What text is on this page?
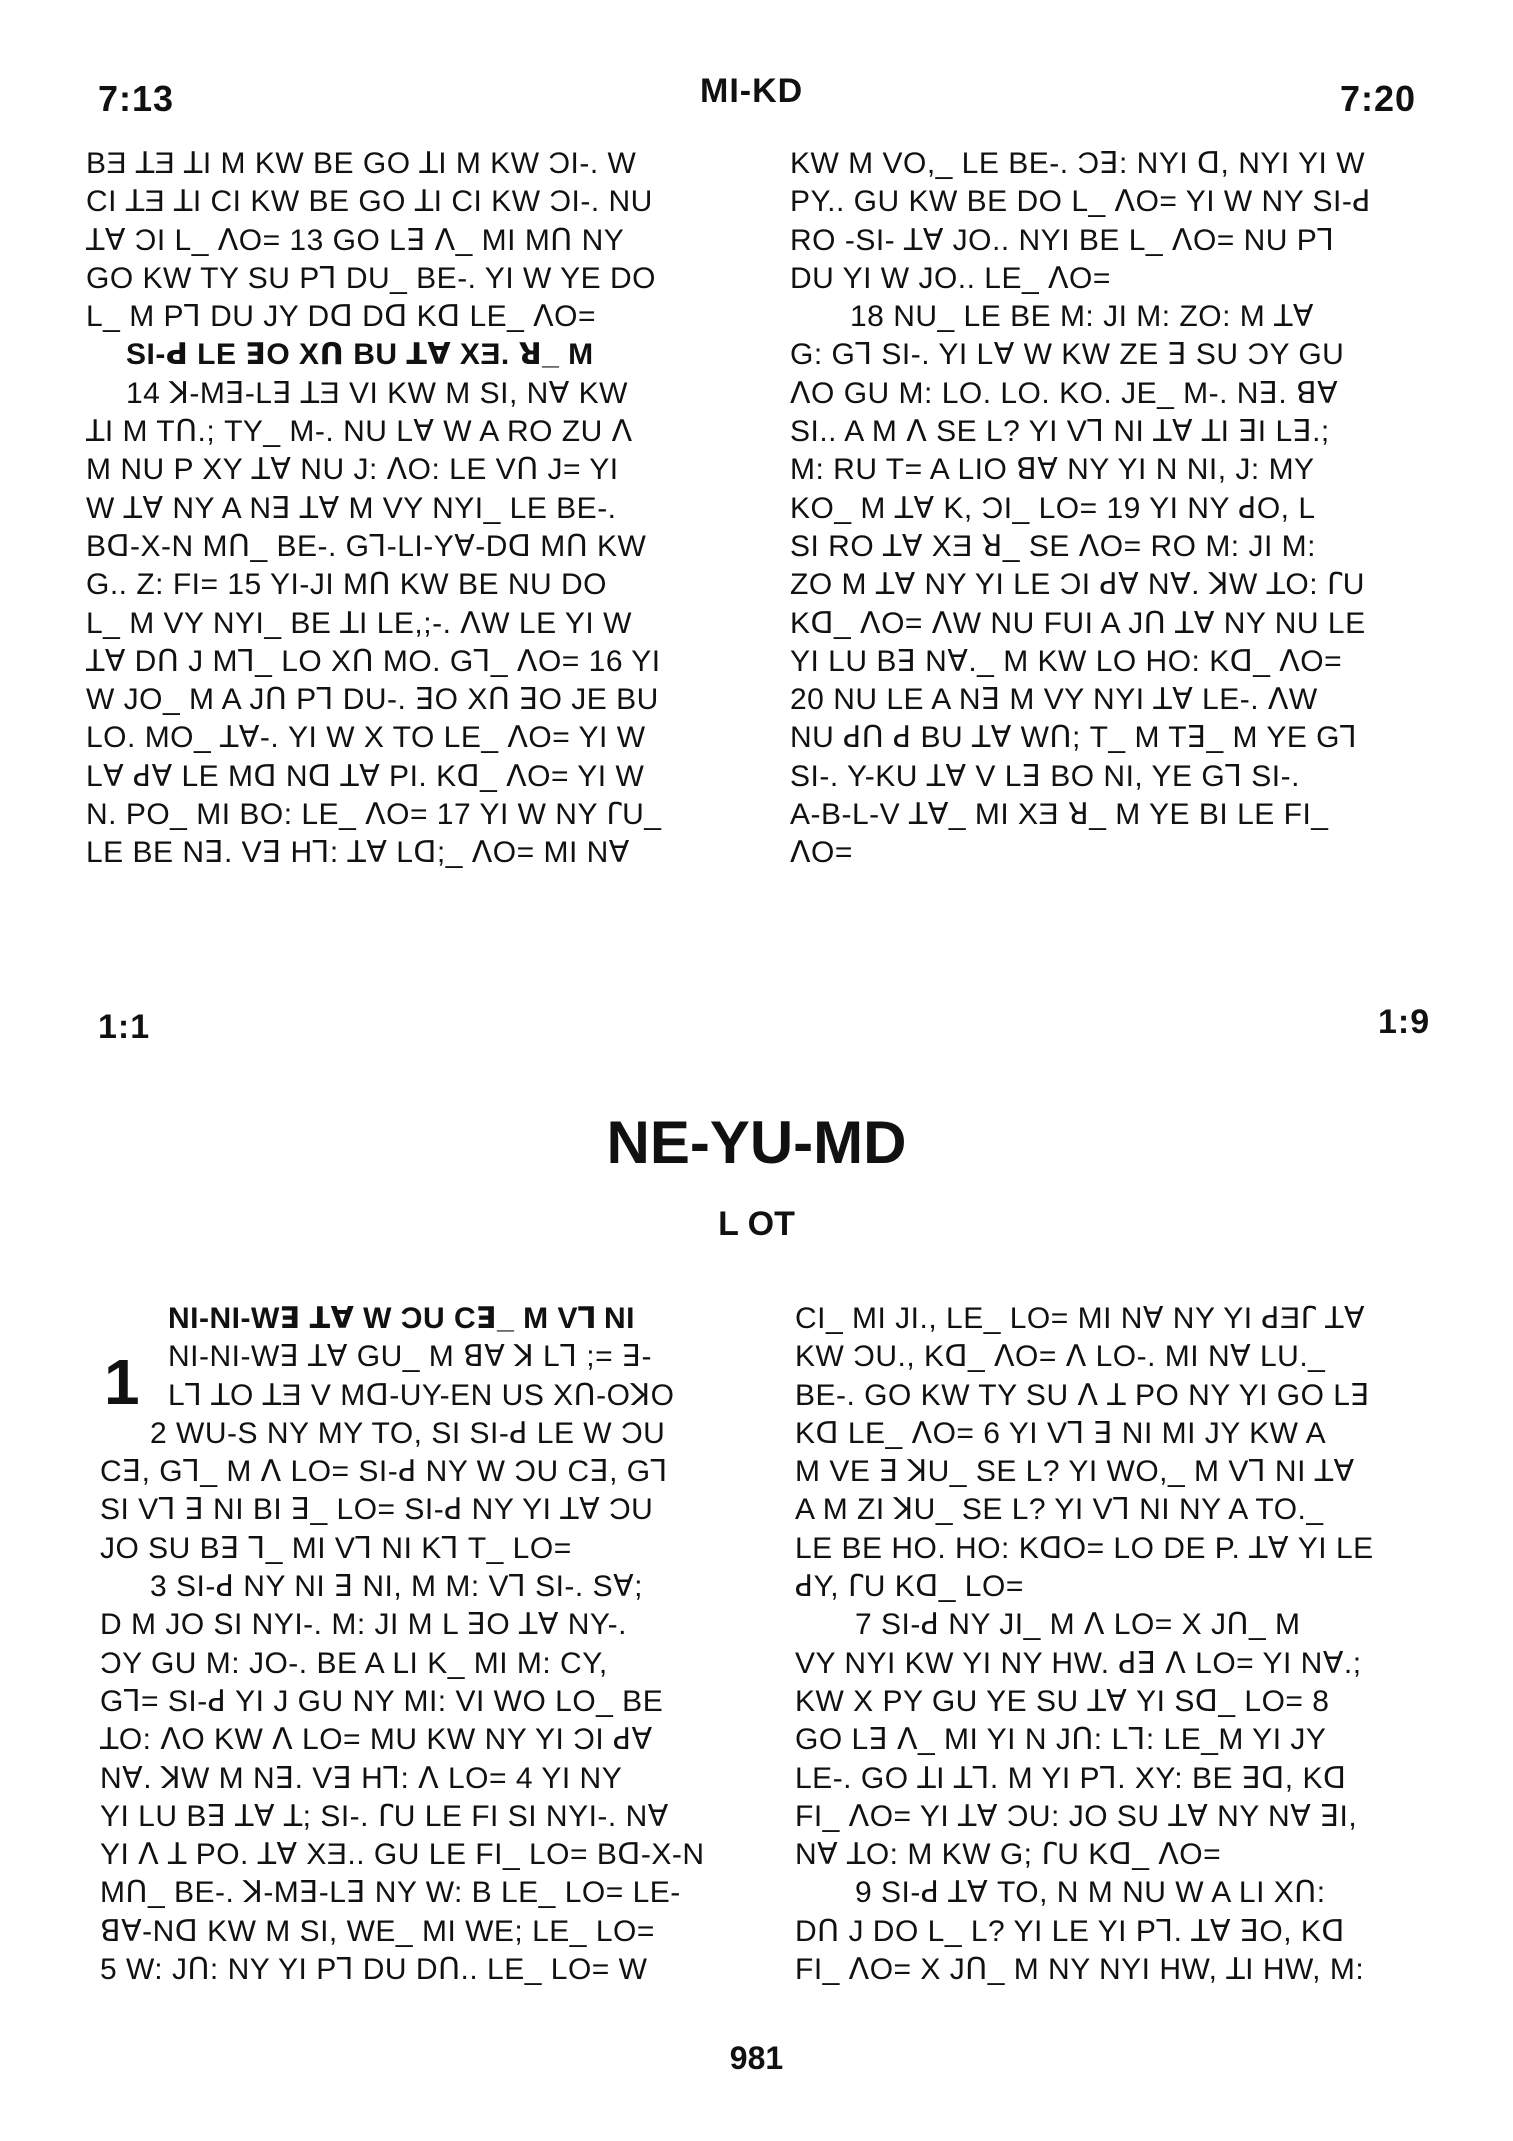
7:13	MI-KD	7:20
BƎ ꓕƎ ꓕI M KW BE GO ꓕI M KW ƆI-. W
CI ꓕƎ ꓕI CI KW BE GO ꓕI CI KW ƆI-. NU
ꓕꓯ ƆI L_ ꓥO= 13 GO Lꓱ ꓥ_ MI Mꓵ NY
GO KW TY SU Pꓶ DU_ BE-. YI W YE DO
L_ M Pꓶ DU JY Dꓷ Dꓷ Kꓷ LE_ ꓥO=
SI-ꓒ LE ꓱO Xꓵ BU ꓕꓯ XƎ. ꓤ_ M
14 ꓘ-Mꓱ-Lꓱ ꓕƎ VI KW M SI, Nꓯ KW
ꓕI M Tꓵ.; TY_ M-. NU Lꓯ W A RO ZU ꓥ
M NU P XY ꓕꓯ NU J: ꓥO: LE Vꓵ J= YI
W ꓕꓯ NY A Nꓱ ꓕꓯ M VY NYI_ LE BE-.
Bꓷ-X-N Mꓵ_ BE-. Gꓶ-LI-Yꓯ-Dꓷ Mꓵ KW
G.. Z: FI= 15 YI-JI Mꓵ KW BE NU DO
L_ M VY NYI_ BE ꓕI LE,;-. ꓥW LE YI W
ꓕꓯ Dꓵ J Mꓶ_ LO Xꓵ MO. Gꓶ_ ꓥO= 16 YI
W JO_ M A Jꓵ Pꓶ DU-. ꓱO Xꓵ ꓱO JE BU
LO. MO_ ꓕꓯ-. YI W X TO LE_ ꓥO= YI W
Lꓯ ꓒꓯ LE Mꓷ Nꓷ ꓕꓯ PI. Kꓷ_ ꓥO= YI W
N. PO_ MI BO: LE_ ꓥO= 17 YI W NY ꓩU_
LE BE Nꓱ. Vꓱ Hꓶ: ꓕꓯ Lꓷ;_ ꓥO= MI Nꓯ
KW M VO,_ LE BE-. Ɔꓱ: NYI ꓷ, NYI YI W
PY.. GU KW BE DO L_ ꓥO= YI W NY SI-ꓒ
RO -SI- ꓕꓯ JO.. NYI BE L_ ꓥO= NU Pꓶ
DU YI W JO.. LE_ ꓥO=
18 NU_ LE BE M: JI M: ZO: M ꓕꓯ
G: Gꓶ SI-. YI Lꓯ W KW ZE ꓱ SU ƆY GU
ꓥO GU M: LO. LO. KO. JE_ M-. Nꓱ. ꓭꓯ
SI.. A M ꓥ SE L? YI Vꓶ NI ꓕꓯ ꓕI ꓱI Lꓱ.;
M: RU T= A LIO ꓭꓯ NY YI N NI, J: MY
KO_ M ꓕꓯ K, ƆI_ LO= 19 YI NY ꓒO, L
SI RO ꓕꓯ XƎ ꓤ_ SE ꓥO= RO M: JI M:
ZO M ꓕꓯ NY YI LE ƆI ꓒꓯ Nꓯ. ꓘW ꓕO: ꓩU
Kꓷ_ ꓥO= ꓥW NU FUI A Jꓵ ꓕꓯ NY NU LE
YI LU Bꓱ Nꓯ._ M KW LO HO: Kꓷ_ ꓥO=
20 NU LE A Nꓱ M VY NYI ꓕꓯ LE-. ꓥW
NU ꓒꓵ ꓒ BU ꓕꓯ Wꓵ; T_ M Tꓱ_ M YE Gꓶ
SI-. Y-KU ꓕꓯ V Lꓱ BO NI, YE Gꓶ SI-.
A-B-L-V ꓕꓯ_ MI XƎ ꓤ_ M YE BI LE FI_
ꓥO=
1:1	1:9
NE-YU-MD
L OT
1
NI-NI-Wꓱ ꓕꓯ W ƆU Cꓱ_ M Vꓶ NI
NI-NI-Wꓱ ꓕꓯ GU_ M ꓭꓯ ꓘ Lꓶ ;= ꓱ-
Lꓶ ꓕO ꓕƎ V Mꓷ-UY-EN US Xꓵ-OꓘO
2 WU-S NY MY TO, SI SI-ꓒ LE W ƆU
Cꓱ, Gꓶ_ M ꓥ LO= SI-ꓒ NY W ƆU Cꓱ, Gꓶ
SI Vꓶ ꓱ NI BI ꓱ_ LO= SI-ꓒ NY YI ꓕꓯ ƆU
JO SU Bꓱ ꓶ_ MI Vꓶ NI Kꓶ T_ LO=
3 SI-ꓒ NY NI ꓱ NI, M M: Vꓶ SI-. Sꓯ;
D M JO SI NYI-. M: JI M L ꓱO ꓕꓯ NY-.
ƆY GU M: JO-. BE A LI K_ MI M: CY,
Gꓶ= SI-ꓒ YI J GU NY MI: VI WO LO_ BE
ꓕO: ꓥO KW ꓥ LO= MU KW NY YI ƆI ꓒꓯ
Nꓯ. ꓘW M Nꓱ. Vꓱ Hꓶ: ꓥ LO= 4 YI NY
YI LU Bꓱ ꓕꓯ ꓕ; SI-. ꓩU LE FI SI NYI-. Nꓯ
YI ꓥ ꓕ PO. ꓕꓯ XƎ.. GU LE FI_ LO= Bꓷ-X-N
Mꓵ_ BE-. ꓘ-Mꓱ-Lꓱ NY W: B LE_ LO= LE-
ꓭꓯ-Nꓷ KW M SI, WE_ MI WE; LE_ LO=
5 W: Jꓵ: NY YI Pꓶ DU Dꓵ.. LE_ LO= W
CI_ MI JI., LE_ LO= MI Nꓯ NY YI ꓒƎꓩ ꓕꓯ
KW ƆU., Kꓷ_ ꓥO= ꓥ LO-. MI Nꓯ LU._
BE-. GO KW TY SU ꓥ ꓕ PO NY YI GO Lꓱ
Kꓷ LE_ ꓥO= 6 YI Vꓶ ꓱ NI MI JY KW A
M VE ꓱ ꓘU_ SE L? YI WO,_ M Vꓶ NI ꓕꓯ
A M ZI ꓘU_ SE L? YI Vꓶ NI NY A TO._
LE BE HO. HO: KꓷO= LO DE P. ꓕꓯ YI LE
ꓒY, ꓩU Kꓷ_ LO=
7 SI-ꓒ NY JI_ M ꓥ LO= X Jꓵ_ M
VY NYI KW YI NY HW. ꓒꓱ ꓥ LO= YI Nꓯ.;
KW X PY GU YE SU ꓕꓯ YI Sꓷ_ LO= 8
GO Lꓱ ꓥ_ MI YI N Jꓵ: Lꓶ: LE_M YI JY
LE-. GO ꓕI ꓕꓶ. M YI Pꓶ. XY: BE ꓱꓷ, Kꓷ
FI_ ꓥO= YI ꓕꓯ ƆU: JO SU ꓕꓯ NY Nꓯ ꓱI,
Nꓯ ꓕO: M KW G; ꓩU Kꓷ_ ꓥO=
9 SI-ꓒ ꓕꓯ TO, N M NU W A LI Xꓵ:
Dꓵ J DO L_ L? YI LE YI Pꓶ. ꓕꓯ ꓱO, Kꓷ
FI_ ꓥO= X Jꓵ_ M NY NYI HW, ꓕI HW, M:
981
